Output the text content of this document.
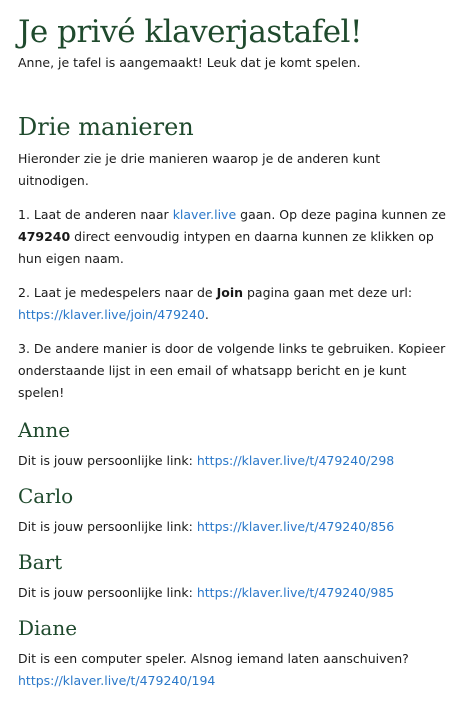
Je privé klaverjastafel!

Anne, je tafel is aangemaakt! Leuk dat je komt spelen.

Drie manieren

Hieronder zie je drie manieren waarop je de anderen kunt uitnodigen.

1. Laat de anderen naar klaver.live gaan. Op deze pagina kunnen ze 479240 direct eenvoudig intypen en daarna kunnen ze klikken op hun eigen naam.

2. Laat je medespelers naar de Join pagina gaan met deze url: https://klaver.live/join/479240.

3. De andere manier is door de volgende links te gebruiken. Kopieer onderstaande lijst in een email of whatsapp bericht en je kunt spelen!

Anne

Dit is jouw persoonlijke link: https://klaver.live/t/479240/298

Carlo

Dit is jouw persoonlijke link: https://klaver.live/t/479240/856

Bart

Dit is jouw persoonlijke link: https://klaver.live/t/479240/985

Diane

Dit is een computer speler. Alsnog iemand laten aanschuiven?
https://klaver.live/t/479240/194
